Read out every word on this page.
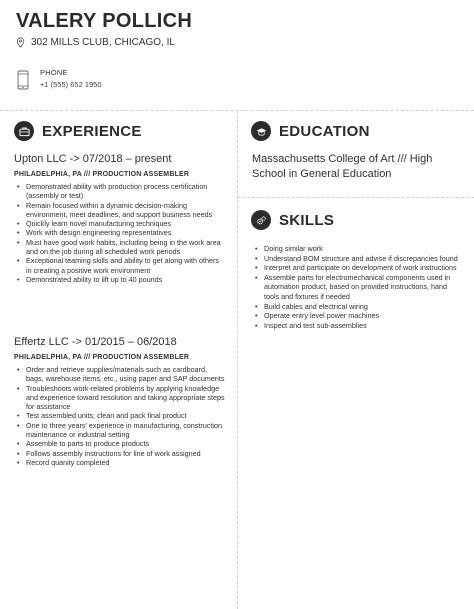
VALERY POLLICH
302 MILLS CLUB, CHICAGO, IL
PHONE
+1 (555) 652 1950
EXPERIENCE
Upton LLC -> 07/2018 – present
PHILADELPHIA, PA /// PRODUCTION ASSEMBLER
• Demonstrated ability with production process certification (assembly or test)
• Remain focused within a dynamic decision-making environment, meet deadlines, and support business needs
• Quickly learn novel manufacturing techniques
• Work with design engineering representatives
• Must have good work habits, including being in the work area and on the job during all scheduled work periods
• Exceptional teaming skills and ability to get along with others in creating a positive work environment
• Demonstrated ability to lift up to 40 pounds
Effertz LLC -> 01/2015 – 06/2018
PHILADELPHIA, PA /// PRODUCTION ASSEMBLER
• Order and retrieve supplies/materials such as cardboard, bags, warehouse items, etc., using paper and SAP documents
• Troubleshoots work-related problems by applying knowledge and experience toward resolution and taking appropriate steps for assistance
• Test assembled units; clean and pack final product
• One to three years' experience in manufacturing, construction maintenance or industrial setting
• Assemble to parts to produce products
• Follows assembly instructions for line of work assigned
• Record quanity completed
EDUCATION
Massachusetts College of Art /// High School in General Education
SKILLS
• Doing similar work
• Understand BOM structure and advise if discrepancies found
• Interpret and participate on development of work instructions
• Assemble parts for electromechanical components used in automation product, based on provided instructions, hand tools and fixtures if needed
• Build cables and electrical wiring
• Operate entry level power machines
• Inspect and test sub-assemblies
